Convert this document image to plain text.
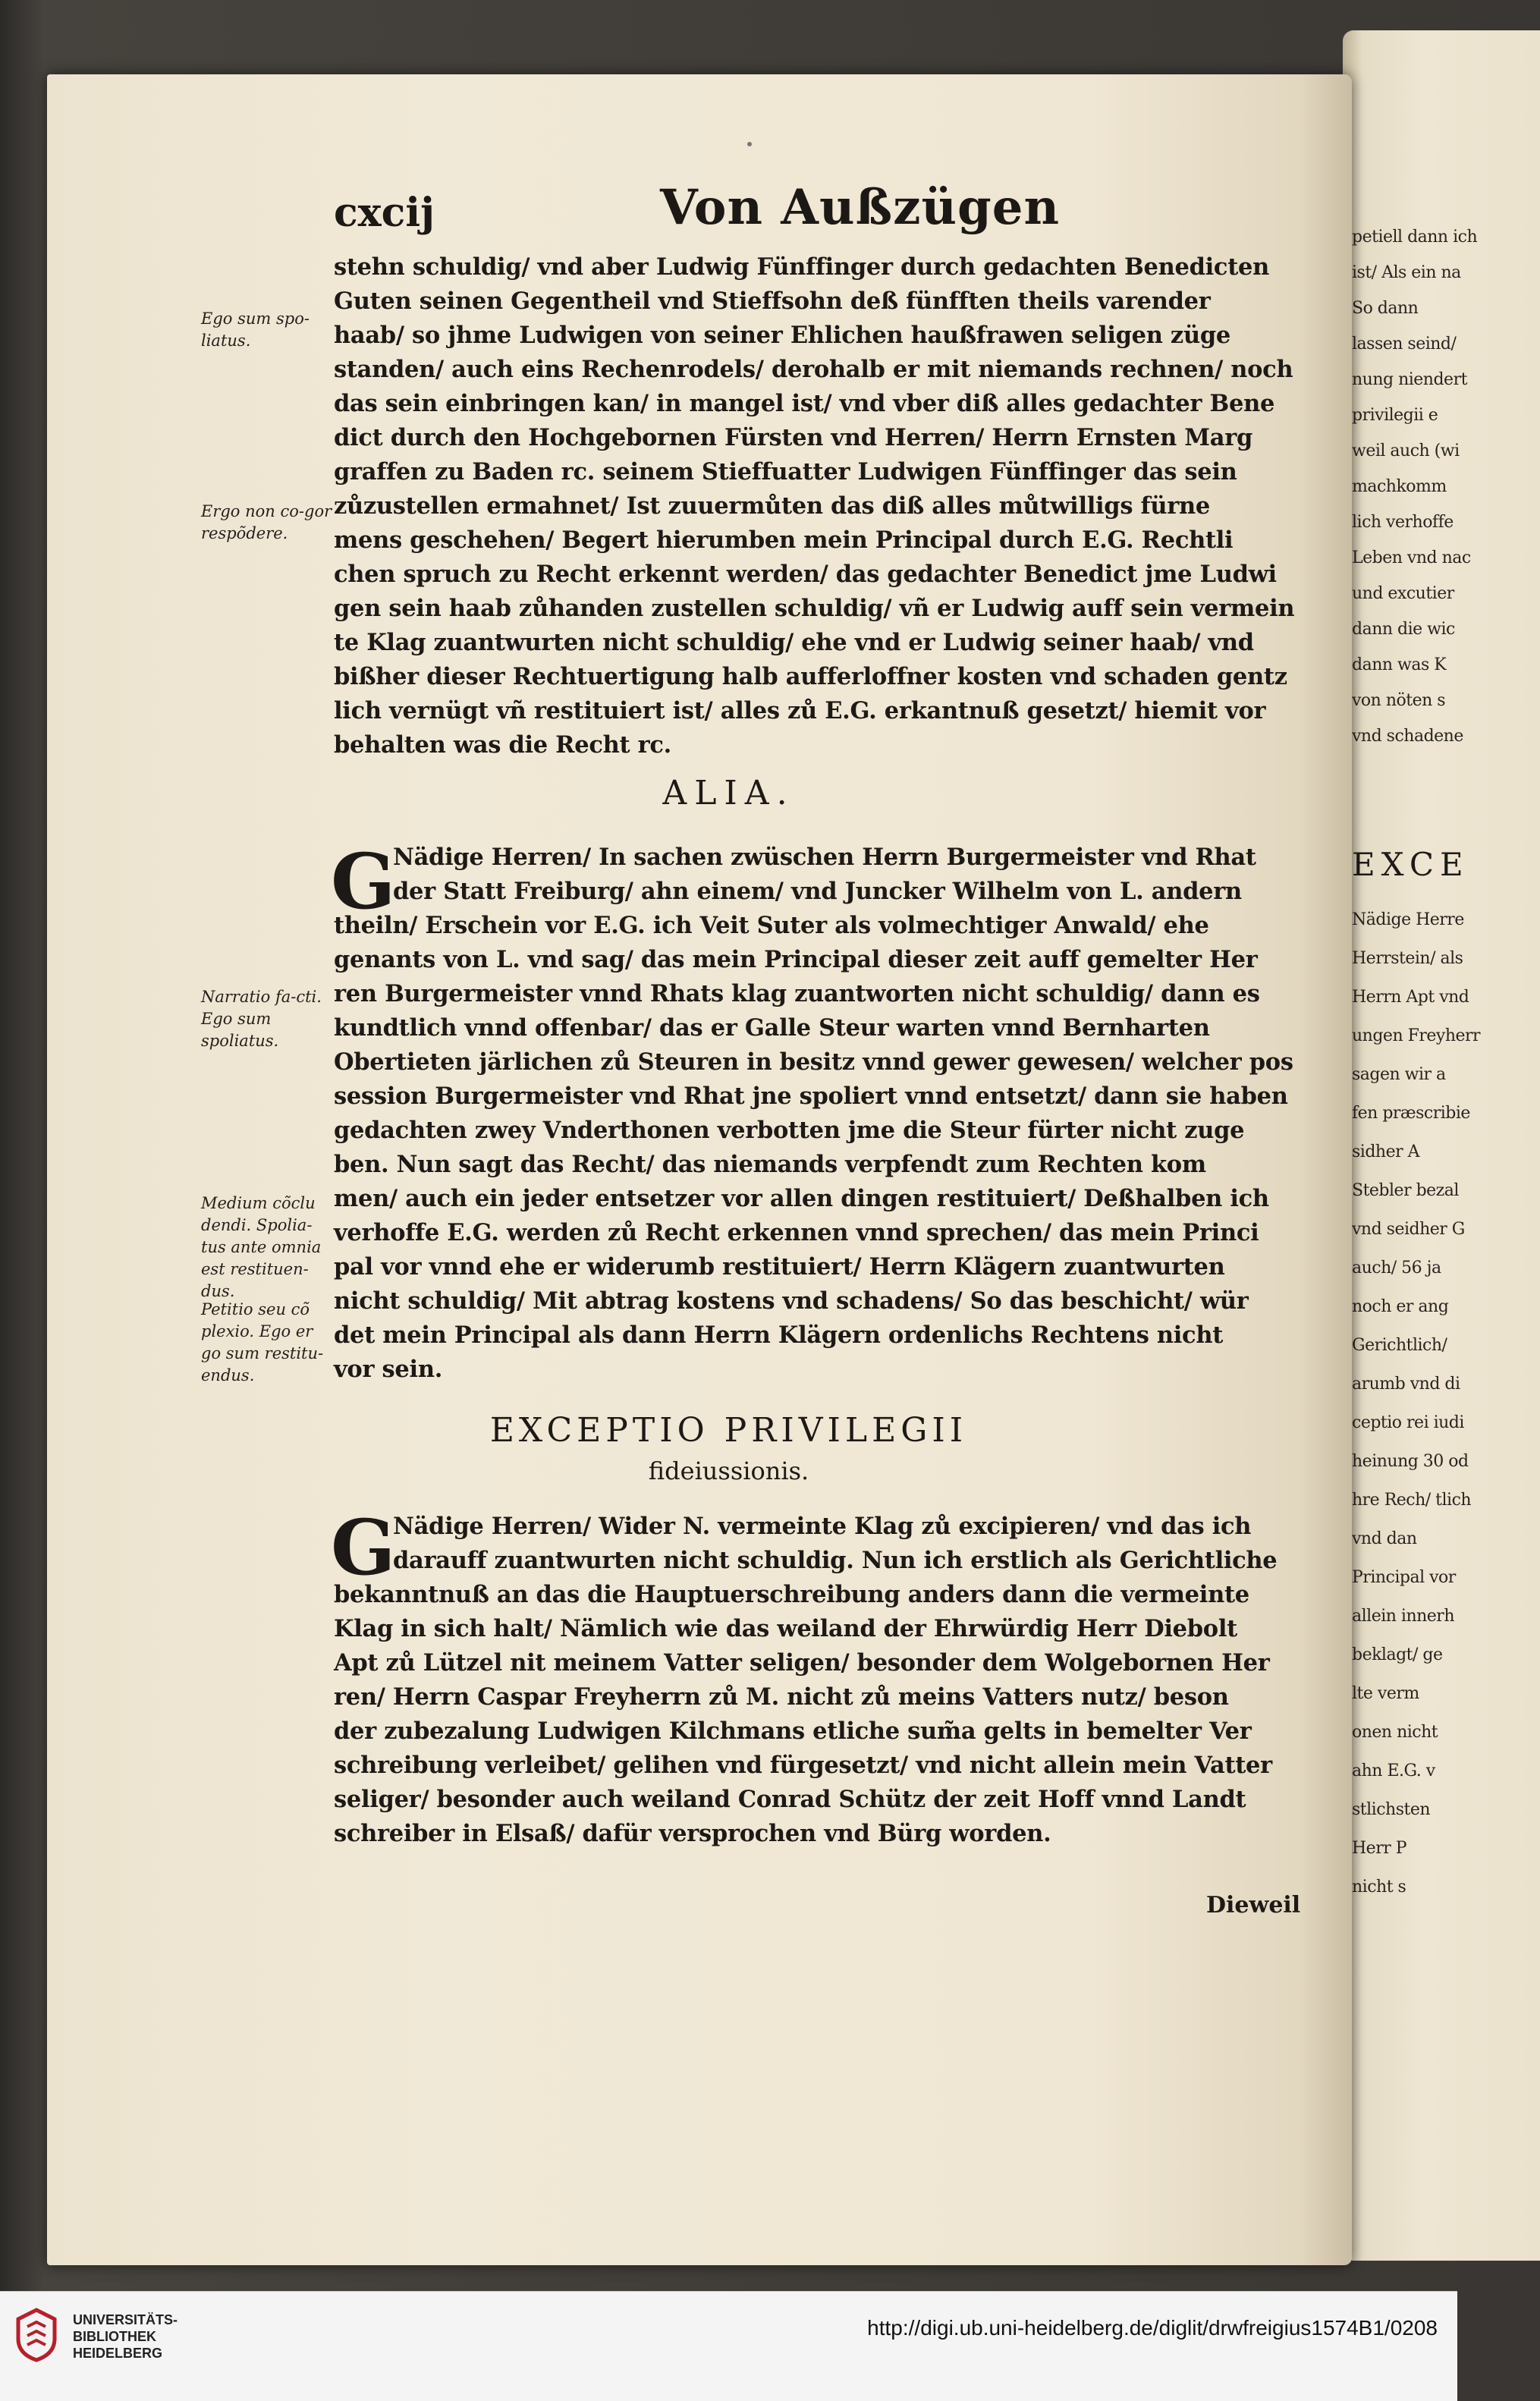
petiell dann ich
ist/ Als ein na
So dann
lassen seind/
nung niendert
privilegii e
weil auch (wi
machkomm
lich verhoffe
Leben vnd nac
und excutier
dann die wic
dann was K
von nöten s
vnd schadene
EXCE
Nädige Herre
Herrstein/ als
Herrn Apt vnd
ungen Freyherr
sagen wir a
fen præscribie
sidher A
Stebler bezal
vnd seidher G
auch/ 56 ja
noch er ang
Gerichtlich/
arumb vnd di
ceptio rei iudi
heinung 30 od
hre Rech/ tlich
vnd dan
Principal vor
allein innerh
beklagt/ ge
lte verm
onen nicht
ahn E.G. v
stlichsten
Herr P
nicht s
cxcij	Von Außzügen
Ego sum spo-liatus.
Ergo non co-gor respõdere.
Narratio fa-cti. Ego sum spoliatus.
Medium cõclu dendi. Spolia-tus ante omnia est restituen-dus.
Petitio seu cõ plexio. Ego er go sum restitu-endus.
stehn schuldig/ vnd aber Ludwig Fünffinger durch gedachten Benedicten
Guten seinen Gegentheil vnd Stieffsohn deß fünfften theils varender
haab/ so jhme Ludwigen von seiner Ehlichen haußfrawen seligen züge
standen/ auch eins Rechenrodels/ derohalb er mit niemands rechnen/ noch
das sein einbringen kan/ in mangel ist/ vnd vber diß alles gedachter Bene
dict durch den Hochgebornen Fürsten vnd Herren/ Herrn Ernsten Marg
graffen zu Baden rc. seinem Stieffuatter Ludwigen Fünffinger das sein
zůzustellen ermahnet/ Ist zuuermůten das diß alles můtwilligs fürne
mens geschehen/ Begert hierumben mein Principal durch E.G. Rechtli
chen spruch zu Recht erkennt werden/ das gedachter Benedict jme Ludwi
gen sein haab zůhanden zustellen schuldig/ vñ er Ludwig auff sein vermein
te Klag zuantwurten nicht schuldig/ ehe vnd er Ludwig seiner haab/ vnd
bißher dieser Rechtuertigung halb aufferloffner kosten vnd schaden gentz
lich vernügt vñ restituiert ist/ alles zů E.G. erkantnuß gesetzt/ hiemit vor
behalten was die Recht rc.
ALIA.
G
Nädige Herren/ In sachen zwüschen Herrn Burgermeister vnd Rhat
der Statt Freiburg/ ahn einem/ vnd Juncker Wilhelm von L. andern
theiln/ Erschein vor E.G. ich Veit Suter als volmechtiger Anwald/ ehe
genants von L. vnd sag/ das mein Principal dieser zeit auff gemelter Her
ren Burgermeister vnnd Rhats klag zuantworten nicht schuldig/ dann es
kundtlich vnnd offenbar/ das er Galle Steur warten vnnd Bernharten
Obertieten järlichen zů Steuren in besitz vnnd gewer gewesen/ welcher pos
session Burgermeister vnd Rhat jne spoliert vnnd entsetzt/ dann sie haben
gedachten zwey Vnderthonen verbotten jme die Steur fürter nicht zuge
ben. Nun sagt das Recht/ das niemands verpfendt zum Rechten kom
men/ auch ein jeder entsetzer vor allen dingen restituiert/ Deßhalben ich
verhoffe E.G. werden zů Recht erkennen vnnd sprechen/ das mein Princi
pal vor vnnd ehe er widerumb restituiert/ Herrn Klägern zuantwurten
nicht schuldig/ Mit abtrag kostens vnd schadens/ So das beschicht/ wür
det mein Principal als dann Herrn Klägern ordenlichs Rechtens nicht
vor sein.
EXCEPTIO PRIVILEGII
fideiussionis.
G
Nädige Herren/ Wider N. vermeinte Klag zů excipieren/ vnd das ich
darauff zuantwurten nicht schuldig. Nun ich erstlich als Gerichtliche
bekanntnuß an das die Hauptuerschreibung anders dann die vermeinte
Klag in sich halt/ Nämlich wie das weiland der Ehrwürdig Herr Diebolt
Apt zů Lützel nit meinem Vatter seligen/ besonder dem Wolgebornen Her
ren/ Herrn Caspar Freyherrn zů M. nicht zů meins Vatters nutz/ beson
der zubezalung Ludwigen Kilchmans etliche sum̃a gelts in bemelter Ver
schreibung verleibet/ gelihen vnd fürgesetzt/ vnd nicht allein mein Vatter
seliger/ besonder auch weiland Conrad Schütz der zeit Hoff vnnd Landt
schreiber in Elsaß/ dafür versprochen vnd Bürg worden.
Dieweil
UNIVERSITÄTS-
BIBLIOTHEK
HEIDELBERG
http://digi.ub.uni-heidelberg.de/diglit/drwfreigius1574B1/0208
